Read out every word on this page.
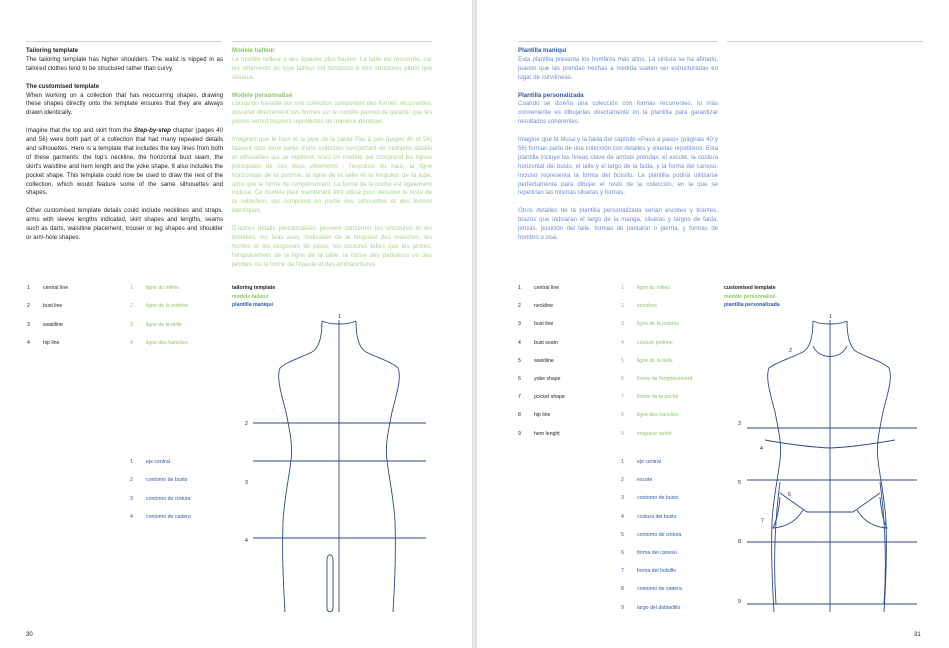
Tailoring template

The tailoring template has higher shoulders. The waist is nipped in as tailored clothes tend to be structured rather than curvy.

The customised template

When working on a collection that has reoccurring shapes, drawing these shapes directly onto the template ensures that they are always drawn identically.

Imagine that the top and skirt from the Step-by-step chapter (pages 40 and 56) were both part of a collection that had many repeated details and silhouettes. Here is a template that includes the key lines from both of these garments: the top's neckline, the horizontal bust seam, the skirt's waistline and hem length and the yoke shape. It also includes the pocket shape. This template could now be used to draw the rest of the collection, which would feature some of the same silhouettes and shapes.

Other customised template details could include necklines and straps, arms with sleeve lengths indicated, skirt shapes and lengths, seams such as darts, waistline placement, trouser or leg shapes and shoulder or arm-hole shapes.

Modèle tailleur

Le modèle tailleur a des épaules plus hautes. La taille est resserrée, car les vêtements de type tailleur ont tendance à être structurés plutôt que sinueux.

Modèle personnalisé

Lorsqu'on travaille sur une collection comportant des formes récurrentes, dessiner directement ces formes sur le modèle permet de garantir que les pièces seront toujours reproduites de manière identique.

Imaginez que le haut et la jupe de la partie Pas à pas (pages 40 et 56) fassent tous deux partie d'une collection comportant de multiples détails et silhouettes qui se répètent. Voici un modèle qui comprend les lignes principales de ces deux vêtements : l'encolure du haut, la ligne horizontale de la poitrine, la ligne de la taille et la longueur de la jupe, ainsi que la forme de l'empiècement. La forme de la poche est également incluse. Ce modèle peut maintenant être utilisé pour dessiner le reste de la collection, qui comprend en partie des silhouettes et des formes identiques.

D'autres détails personnalisés peuvent concerner les encolures et les bretelles, les bras avec l'indication de la longueur des manches, les formes et les longueurs de jupes, les coutures telles que les pinces, l'emplacement de la ligne de la taille, la forme des pantalons ou des jambes, ou la forme de l'épaule et des emmanchures.

1	central line
2	bust line
3	waistline
4	hip line
1	ligne du milieu
2	ligne de la poitrine
3	ligne de la taille
4	ligne des hanches
1	eje central
2	contorno de busto
3	contorno de cintura
4	contorno de cadera
tailoring template
modèle tailleur
plantilla maniquí
1
2
3
4
30
Plantilla maniquí

Esta plantilla presenta los hombros más altos. La cintura se ha afinado, puesto que las prendas hechas a medida suelen ser estructuradas en lugar de curvilíneas.

Plantilla personalizada

Cuando se diseña una colección con formas recurrentes, lo más conveniente es dibujarlas directamente en la plantilla para garantizar resultados coherentes.

Imagine que la blusa y la falda del capítulo «Paso a paso» (páginas 40 y 56) forman parte de una colección con detalles y siluetas repetitivos. Esta plantilla incluye las líneas clave de ambas prendas: el escote, la costura horizontal del busto, el talle y el largo de la falda, y la forma del canesú. Incluso representa la forma del bolsillo. La plantilla podría utilizarse perfectamente para dibujar el resto de la colección, en la que se repetirían las mismas siluetas y formas.

Otros detalles de la plantilla personalizada serían escotes y tirantes, brazos que indicaran el largo de la manga, siluetas y largos de falda, pinzas, posición del talle, formas de pantalón o pierna, y formas de hombro o sisa.

1	central line
2	neckline
3	bust line
4	bust seam
5	waistline
6	yoke shape
7	pocket shape
8	hip line
9	hem lenght
1	ligne du milieu
2	encolure
3	ligne de la poitrine
4	couture poitrine
5	ligne de la taille
6	forme de l'empiècement
7	forme de la poche
8	ligne des hanches
9	longueur ourlet
1	eje central
2	escote
3	contorno de busto
4	costura del busto
5	contorno de cintura
6	forma del canesú
7	forma del bolsillo
8	contorno de cadera
9	largo del dobladillo
customised template
modèle personnalisé
plantilla personalizada
1
2
3
4
5
6
7
8
9
31
